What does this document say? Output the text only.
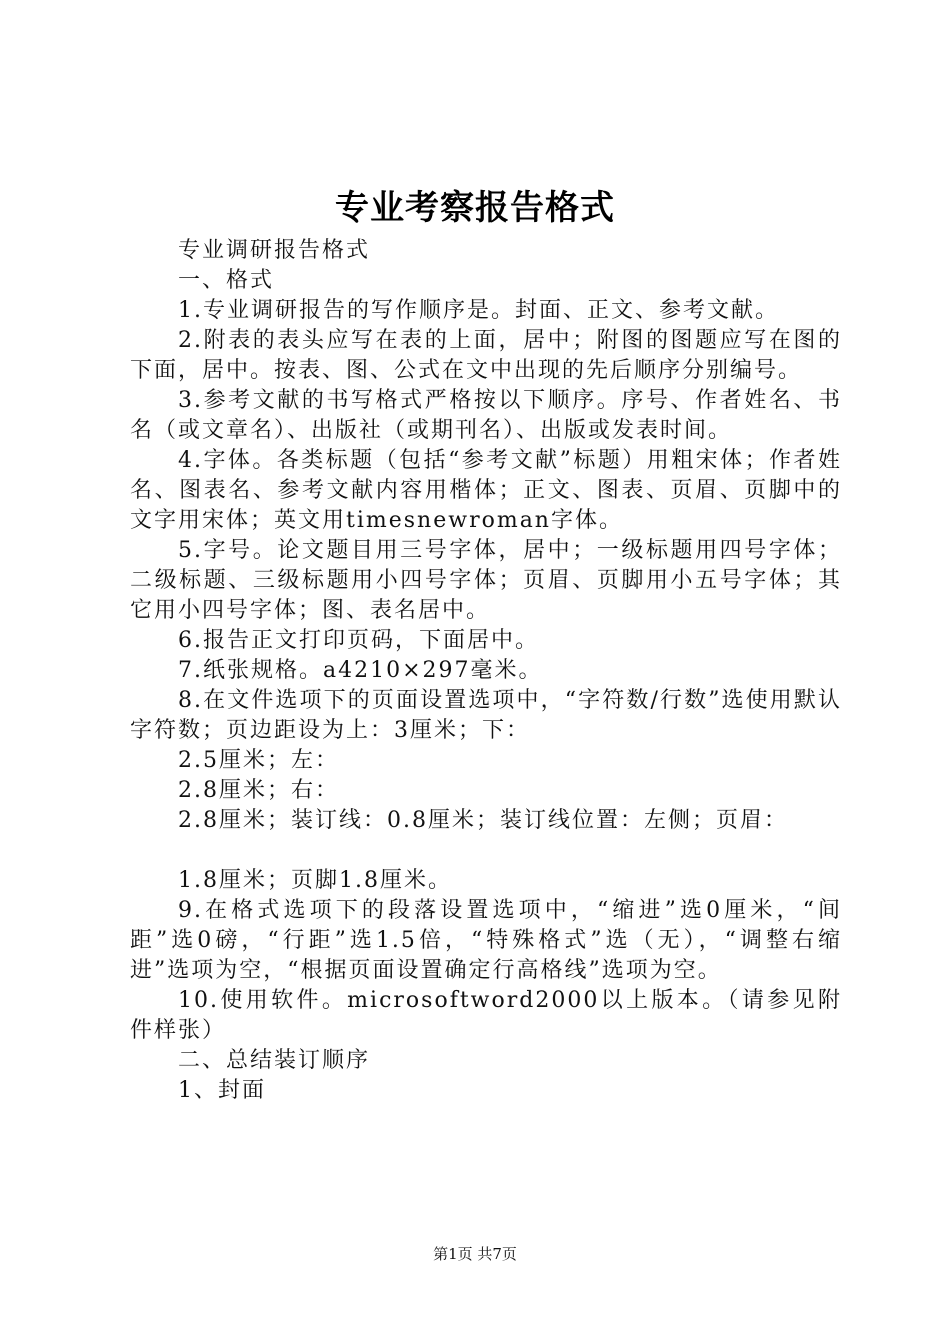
专业考察报告格式

专业调研报告格式

一、格式

1.专业调研报告的写作顺序是。封面、正文、参考文献。

2.附表的表头应写在表的上面，居中；附图的图题应写在图的下面，居中。按表、图、公式在文中出现的先后顺序分别编号。

3.参考文献的书写格式严格按以下顺序。序号、作者姓名、书名（或文章名）、出版社（或期刊名）、出版或发表时间。

4.字体。各类标题（包括“参考文献”标题）用粗宋体；作者姓名、图表名、参考文献内容用楷体；正文、图表、页眉、页脚中的文字用宋体；英文用timesnewroman字体。

5.字号。论文题目用三号字体，居中；一级标题用四号字体；二级标题、三级标题用小四号字体；页眉、页脚用小五号字体；其它用小四号字体；图、表名居中。

6.报告正文打印页码，下面居中。

7.纸张规格。a4210×297毫米。

8.在文件选项下的页面设置选项中，“字符数/行数”选使用默认字符数；页边距设为上：3厘米；下：

2.5厘米；左：

2.8厘米；右：

2.8厘米；装订线：0.8厘米；装订线位置：左侧；页眉：

1.8厘米；页脚1.8厘米。

9.在格式选项下的段落设置选项中，“缩进”选0厘米，“间距”选0磅，“行距”选1.5倍，“特殊格式”选（无），“调整右缩进”选项为空，“根据页面设置确定行高格线”选项为空。

10.使用软件。microsoftword2000以上版本。（请参见附件样张）

二、总结装订顺序

1、封面

第1页 共7页
